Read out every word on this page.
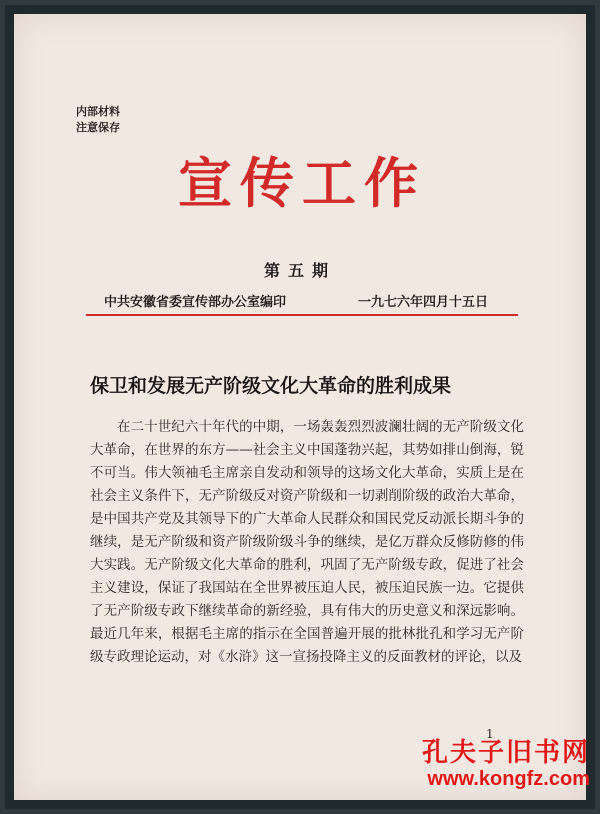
内部材料
注意保存
宣传工作
第五期
中共安徽省委宣传部办公室编印	一九七六年四月十五日
保卫和发展无产阶级文化大革命的胜利成果
在二十世纪六十年代的中期，一场轰轰烈烈波澜壮阔的无产阶级文化大革命，在世界的东方——社会主义中国蓬勃兴起，其势如排山倒海，锐不可当。伟大领袖毛主席亲自发动和领导的这场文化大革命，实质上是在社会主义条件下，无产阶级反对资产阶级和一切剥削阶级的政治大革命，是中国共产党及其领导下的广大革命人民群众和国民党反动派长期斗争的继续，是无产阶级和资产阶级阶级斗争的继续，是亿万群众反修防修的伟大实践。无产阶级文化大革命的胜利，巩固了无产阶级专政，促进了社会主义建设，保证了我国站在全世界被压迫人民，被压迫民族一边。它提供了无产阶级专政下继续革命的新经验，具有伟大的历史意义和深远影响。最近几年来，根据毛主席的指示在全国普遍开展的批林批孔和学习无产阶级专政理论运动，对《水浒》这一宣扬投降主义的反面教材的评论，以及
1
孔夫子旧书网
www.kongfz.com
